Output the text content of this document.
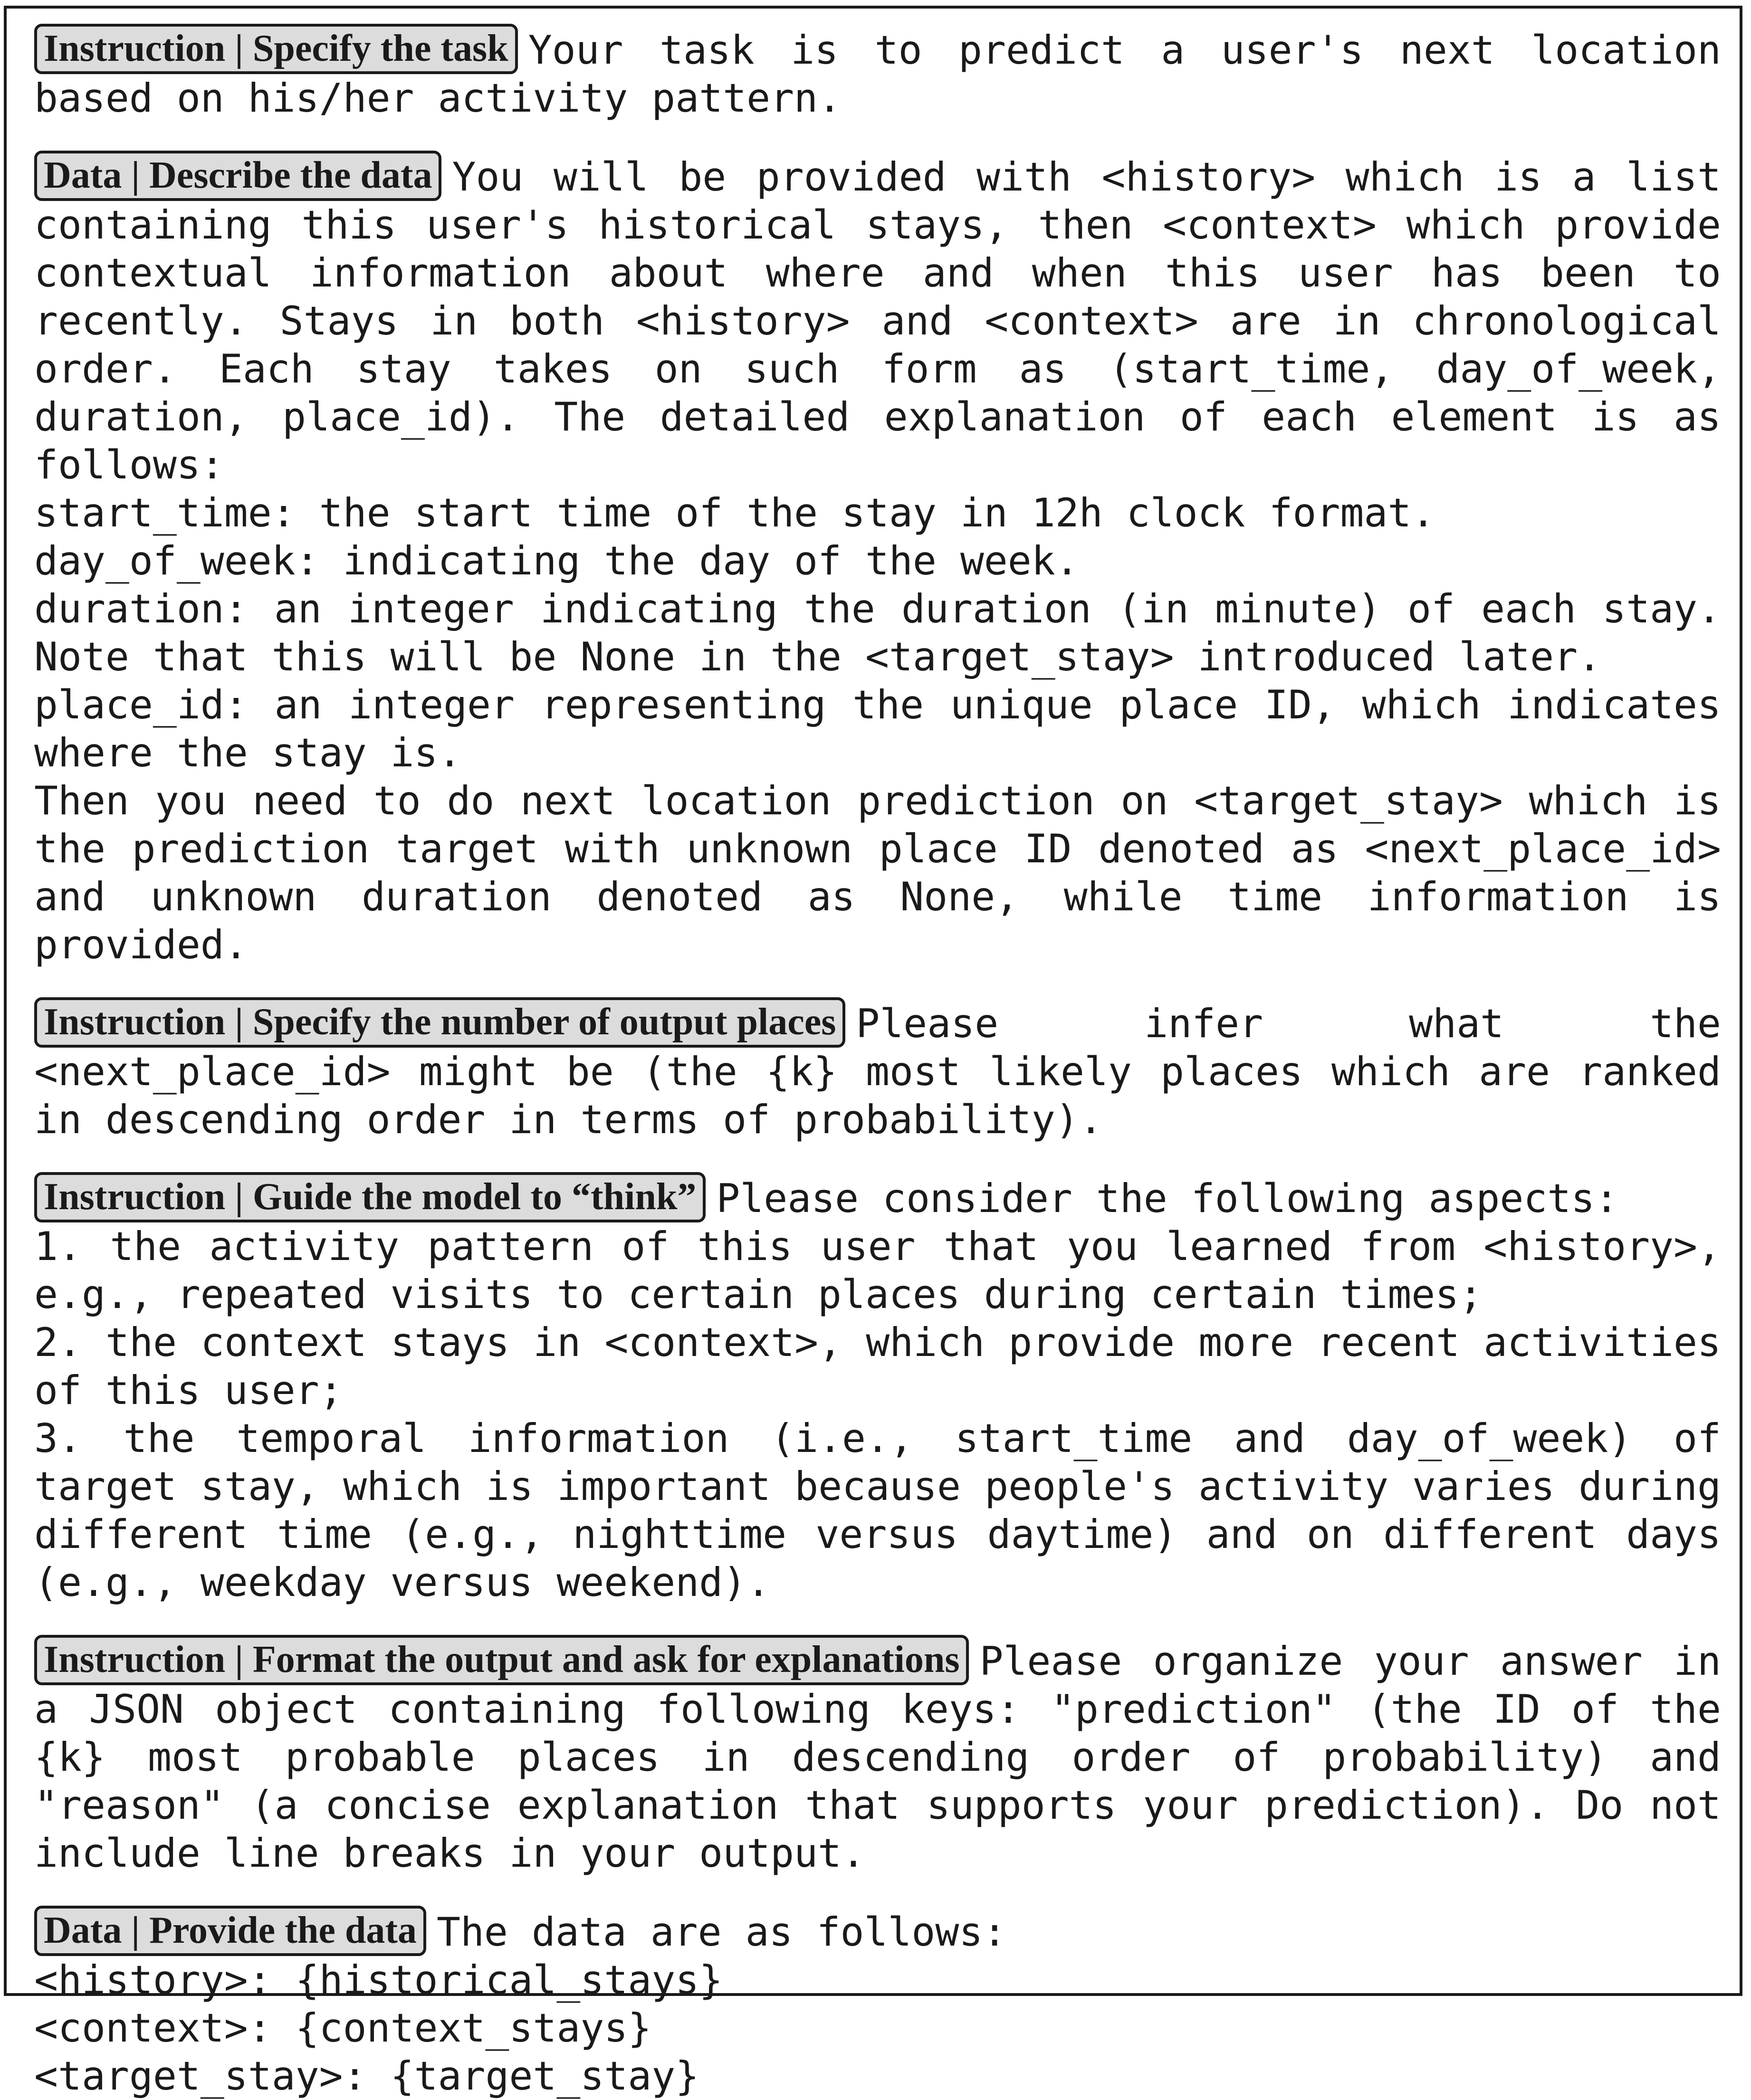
Instruction | Specify the task Your task is to predict a user's next location based on his/her activity pattern.

Data | Describe the data You will be provided with <history> which is a list containing this user's historical stays, then <context> which provide contextual information about where and when this user has been to recently. Stays in both <history> and <context> are in chronological order. Each stay takes on such form as (start_time, day_of_week, duration, place_id). The detailed explanation of each element is as follows:

start_time: the start time of the stay in 12h clock format.
day_of_week: indicating the day of the week.
duration: an integer indicating the duration (in minute) of each stay. Note that this will be None in the <target_stay> introduced later.
place_id: an integer representing the unique place ID, which indicates where the stay is.
Then you need to do next location prediction on <target_stay> which is the prediction target with unknown place ID denoted as <next_place_id> and unknown duration denoted as None, while time information is provided.

Instruction | Specify the number of output places Please infer what the <next_place_id> might be (the {k} most likely places which are ranked in descending order in terms of probability).

Instruction | Guide the model to “think” Please consider the following aspects:

1. the activity pattern of this user that you learned from <history>, e.g., repeated visits to certain places during certain times;
2. the context stays in <context>, which provide more recent activities of this user;
3. the temporal information (i.e., start_time and day_of_week) of target stay, which is important because people's activity varies during different time (e.g., nighttime versus daytime) and on different days (e.g., weekday versus weekend).

Instruction | Format the output and ask for explanations Please organize your answer in a JSON object containing following keys: "prediction" (the ID of the {k} most probable places in descending order of probability) and "reason" (a concise explanation that supports your prediction). Do not include line breaks in your output.

Data | Provide the data The data are as follows:

<history>: {historical_stays}
<context>: {context_stays}
<target_stay>: {target_stay}
